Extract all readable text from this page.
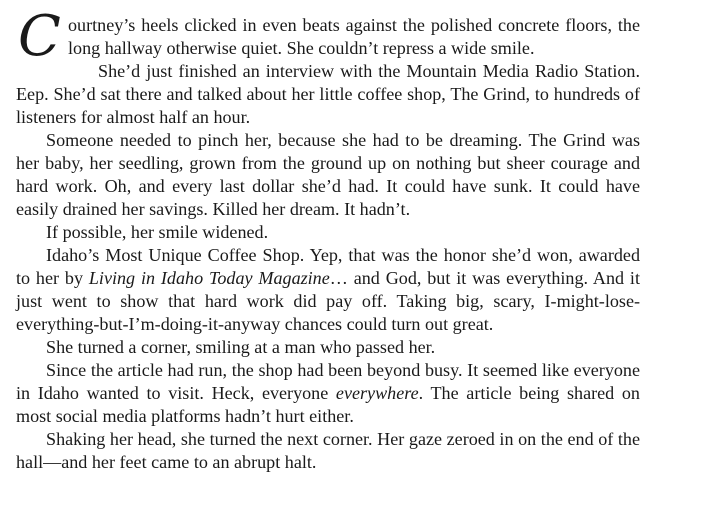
Courtney’s heels clicked in even beats against the polished concrete floors, the long hallway otherwise quiet. She couldn’t repress a wide smile.

She’d just finished an interview with the Mountain Media Radio Station. Eep. She’d sat there and talked about her little coffee shop, The Grind, to hundreds of listeners for almost half an hour.

Someone needed to pinch her, because she had to be dreaming. The Grind was her baby, her seedling, grown from the ground up on nothing but sheer courage and hard work. Oh, and every last dollar she’d had. It could have sunk. It could have easily drained her savings. Killed her dream. It hadn’t.

If possible, her smile widened.

Idaho’s Most Unique Coffee Shop. Yep, that was the honor she’d won, awarded to her by Living in Idaho Today Magazine… and God, but it was everything. And it just went to show that hard work did pay off. Taking big, scary, I-might-lose-everything-but-I’m-doing-it-anyway chances could turn out great.

She turned a corner, smiling at a man who passed her.

Since the article had run, the shop had been beyond busy. It seemed like everyone in Idaho wanted to visit. Heck, everyone everywhere. The article being shared on most social media platforms hadn’t hurt either.

Shaking her head, she turned the next corner. Her gaze zeroed in on the end of the hall—and her feet came to an abrupt halt.
